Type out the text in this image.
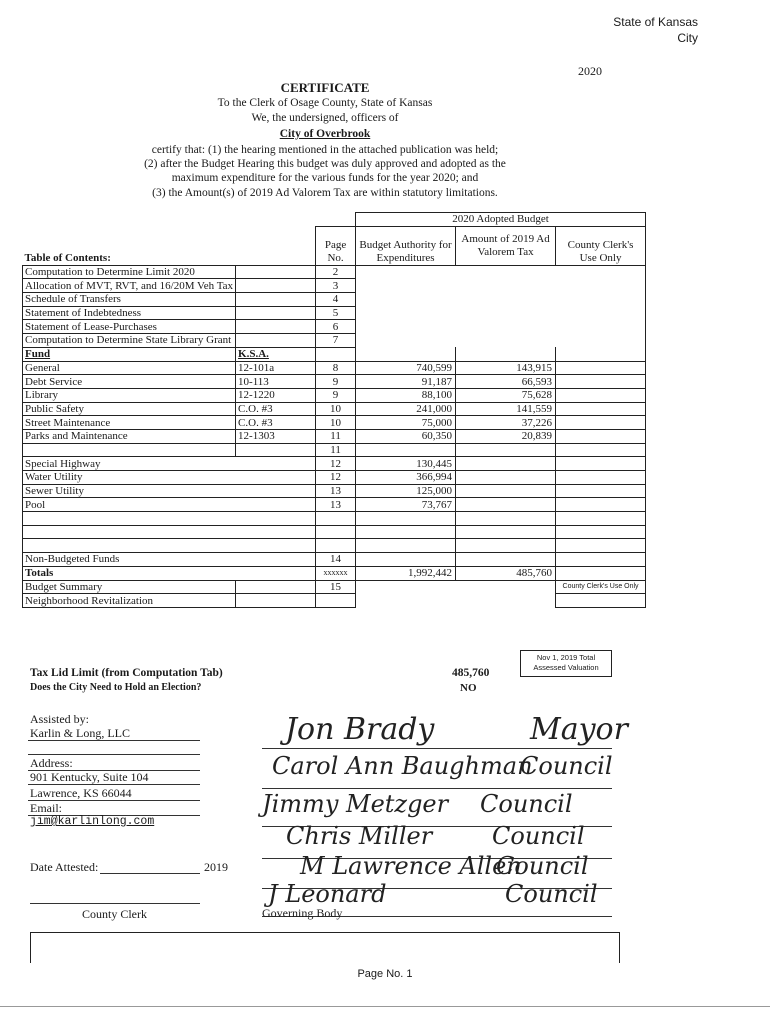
State of Kansas
City
2020
CERTIFICATE
To the Clerk of Osage County, State of Kansas
We, the undersigned, officers of
City of Overbrook
certify that: (1) the hearing mentioned in the attached publication was held;
(2) after the Budget Hearing this budget was duly approved and adopted as the
maximum expenditure for the various funds for the year 2020; and
(3) the Amount(s) of 2019 Ad Valorem Tax are within statutory limitations.
			2020 Adopted Budget		
Table of Contents:		Page No.	Budget Authority for Expenditures	Amount of 2019 Ad Valorem Tax	County Clerk's Use Only
Computation to Determine Limit 2020		2			
Allocation of MVT, RVT, and 16/20M Veh Tax		3			
Schedule of Transfers		4			
Statement of Indebtedness		5			
Statement of Lease-Purchases		6			
Computation to Determine State Library Grant		7			
Fund	K.S.A.				
General	12-101a	8	740,599	143,915	
Debt Service	10-113	9	91,187	66,593	
Library	12-1220	9	88,100	75,628	
Public Safety	C.O. #3	10	241,000	141,559	
Street Maintenance	C.O. #3	10	75,000	37,226	
Parks and Maintenance	12-1303	11	60,350	20,839	
		11			
Special Highway		12	130,445		
Water Utility		12	366,994		
Sewer Utility		13	125,000		
Pool		13	73,767		

Non-Budgeted Funds		14			
Totals		xxxxxx	1,992,442	485,760	
Budget Summary		15			County Clerk's Use Only
Neighborhood Revitalization					
Nov 1, 2019 Total Assessed Valuation
Tax Lid Limit (from Computation Tab)	485,760
Does the City Need to Hold an Election?	NO
Assisted by:
Karlin & Long, LLC
Address:
901 Kentucky, Suite 104
Lawrence, KS 66044
Email:
jim@karlinlong.com
Date Attested:	2019
County Clerk
Jon Brady	Mayor
Carol Ann Baughman
Council
Jimmy Metzger Council
Chris Miller Council
M Lawrence Allen
Council
J Leonard	Council
Governing Body
Page No. 1
